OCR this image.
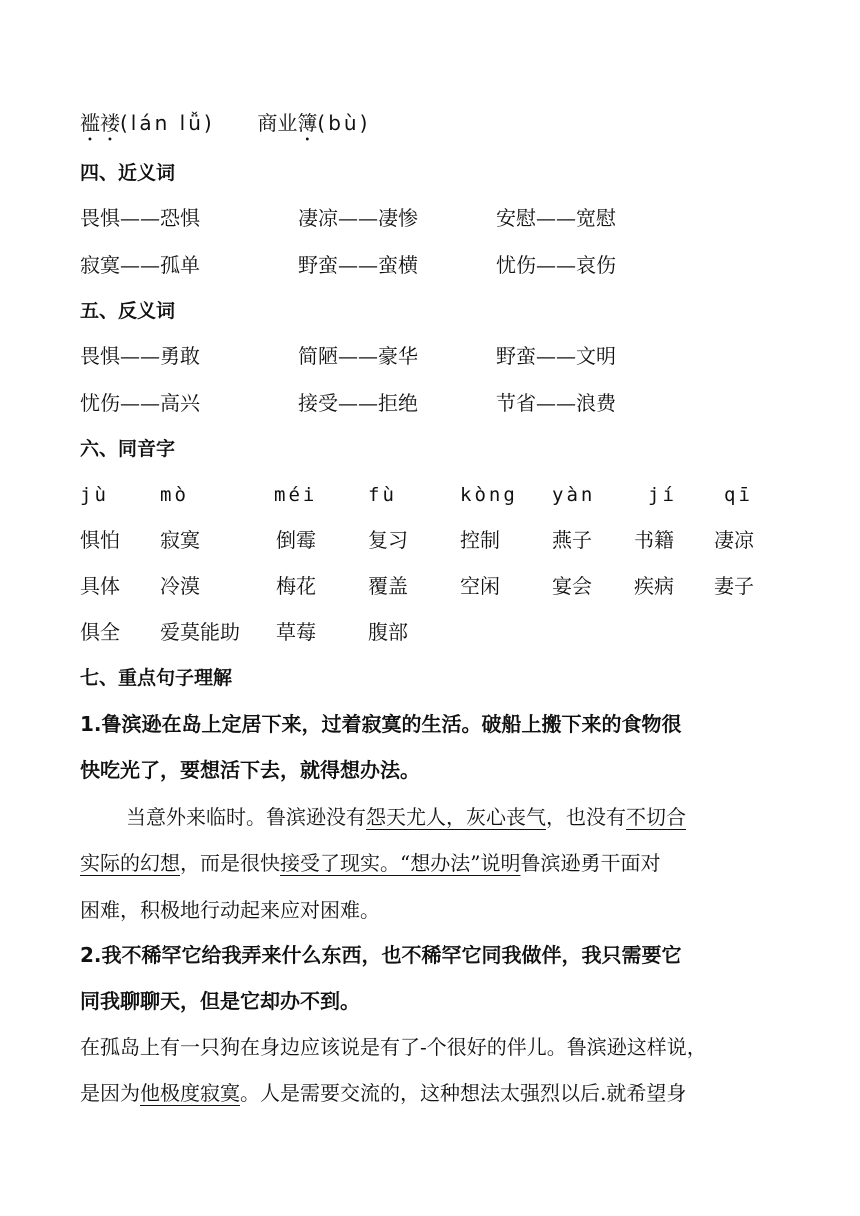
褴褛(lán lǚ) 商业簿(bù)
四、近义词
畏惧——恐惧	凄凉——凄惨	安慰——宽慰
寂寞——孤单	野蛮——蛮横	忧伤——哀伤
五、反义词
畏惧——勇敢	简陋——豪华	野蛮——文明
忧伤——高兴	接受——拒绝	节省——浪费
六、同音字
jù	mò	méi	fù	kòng yàn	jí qī
惧怕 寂寞	倒霉	复习	控制	燕子 书籍 凄凉
具体 冷漠	梅花	覆盖	空闲	宴会 疾病 妻子
俱全 爱莫能助 草莓	腹部
七、重点句子理解
1.鲁滨逊在岛上定居下来，过着寂寞的生活。破船上搬下来的食物很
快吃光了，要想活下去，就得想办法。
当意外来临时。鲁滨逊没有怨天尤人，灰心丧气，也没有不切合
实际的幻想，而是很快接受了现实。“想办法”说明鲁滨逊勇干面对
困难，积极地行动起来应对困难。
2.我不稀罕它给我弄来什么东西，也不稀罕它同我做伴，我只需要它
同我聊聊天，但是它却办不到。
在孤岛上有一只狗在身边应该说是有了-个很好的伴儿。鲁滨逊这样说，
是因为他极度寂寞。人是需要交流的，这种想法太强烈以后.就希望身
